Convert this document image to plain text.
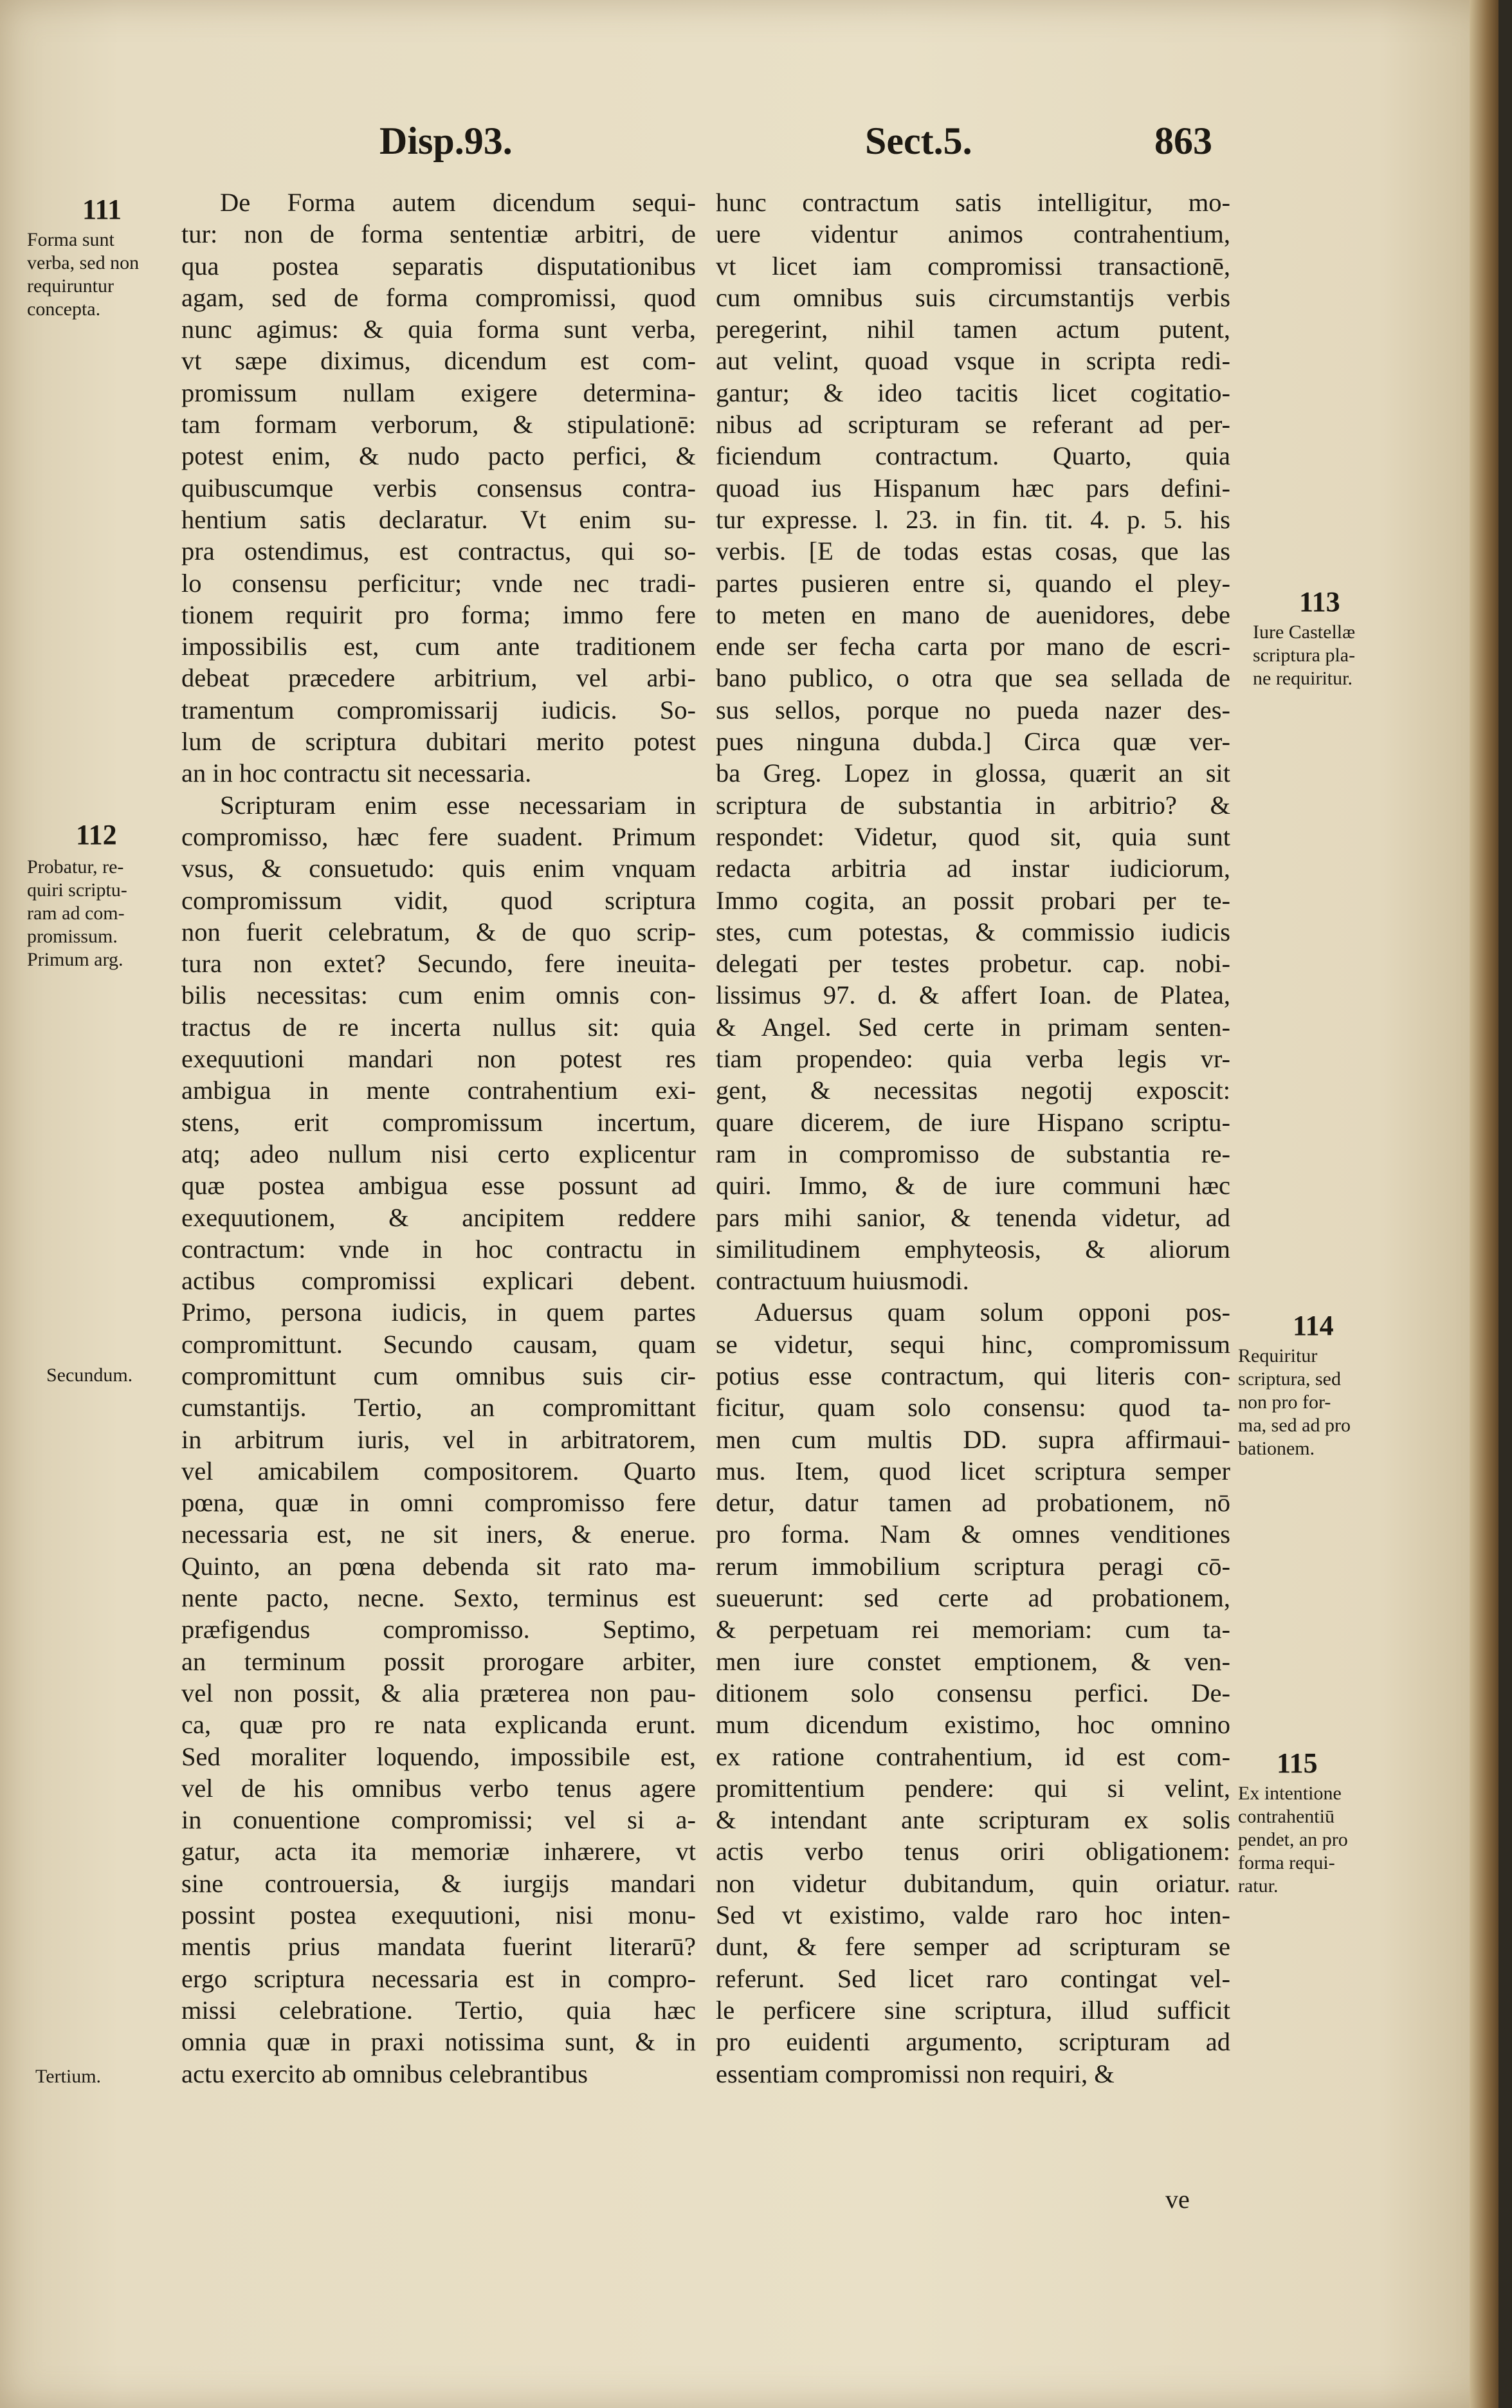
Disp.93.	Sect.5.	863
De Forma autem dicendum sequi-
tur: non de forma sententiæ arbitri, de
qua postea separatis disputationibus
agam, sed de forma compromissi, quod
nunc agimus: & quia forma sunt verba,
vt sæpe diximus, dicendum est com-
promissum nullam exigere determina-
tam formam verborum, & stipulationē:
potest enim, & nudo pacto perfici, &
quibuscumque verbis consensus contra-
hentium satis declaratur. Vt enim su-
pra ostendimus, est contractus, qui so-
lo consensu perficitur; vnde nec tradi-
tionem requirit pro forma; immo fere
impossibilis est, cum ante traditionem
debeat præcedere arbitrium, vel arbi-
tramentum compromissarij iudicis. So-
lum de scriptura dubitari merito potest
an in hoc contractu sit necessaria.
Scripturam enim esse necessariam in
compromisso, hæc fere suadent. Primum
vsus, & consuetudo: quis enim vnquam
compromissum vidit, quod scriptura
non fuerit celebratum, & de quo scrip-
tura non extet? Secundo, fere ineuita-
bilis necessitas: cum enim omnis con-
tractus de re incerta nullus sit: quia
exequutioni mandari non potest res
ambigua in mente contrahentium exi-
stens, erit compromissum incertum,
atq; adeo nullum nisi certo explicentur
quæ postea ambigua esse possunt ad
exequutionem, & ancipitem reddere
contractum: vnde in hoc contractu in
actibus compromissi explicari debent.
Primo, persona iudicis, in quem partes
compromittunt. Secundo causam, quam
compromittunt cum omnibus suis cir-
cumstantijs. Tertio, an compromittant
in arbitrum iuris, vel in arbitratorem,
vel amicabilem compositorem. Quarto
pœna, quæ in omni compromisso fere
necessaria est, ne sit iners, & eneruе.
Quinto, an pœna debenda sit rato ma-
nente pacto, necne. Sexto, terminus est
præfigendus compromisso. Septimo,
an terminum possit prorogare arbiter,
vel non possit, & alia præterea non pau-
ca, quæ pro re nata explicanda erunt.
Sed moraliter loquendo, impossibile est,
vel de his omnibus verbo tenus agere
in conuentione compromissi; vel si a-
gatur, acta ita memoriæ inhærere, vt
sine controuersia, & iurgijs mandari
possint postea exequutioni, nisi monu-
mentis prius mandata fuerint literarū?
ergo scriptura necessaria est in compro-
missi celebratione. Tertio, quia hæc
omnia quæ in praxi notissima sunt, & in
actu exercito ab omnibus celebrantibus
hunc contractum satis intelligitur, mo-
uere videntur animos contrahentium,
vt licet iam compromissi transactionē,
cum omnibus suis circumstantijs verbis
peregerint, nihil tamen actum putent,
aut velint, quoad vsque in scripta redi-
gantur; & ideo tacitis licet cogitatio-
nibus ad scripturam se referant ad per-
ficiendum contractum. Quarto, quia
quoad ius Hispanum hæc pars defini-
tur expresse. l. 23. in fin. tit. 4. p. 5. his
verbis. [E de todas estas cosas, que las
partes pusieren entre si, quando el pley-
to meten en mano de auenidores, debe
ende ser fecha carta por mano de escri-
bano publico, o otra que sea sellada de
sus sellos, porque no pueda nazer des-
pues ninguna dubda.] Circa quæ ver-
ba Greg. Lopez in glossa, quærit an sit
scriptura de substantia in arbitrio? &
respondet: Videtur, quod sit, quia sunt
redacta arbitria ad instar iudiciorum,
Immo cogita, an possit probari per te-
stes, cum potestas, & commissio iudicis
delegati per testes probetur. cap. nobi-
lissimus 97. d. & affert Ioan. de Platea,
& Angel. Sed certe in primam senten-
tiam propendeo: quia verba legis vr-
gent, & necessitas negotij exposcit:
quare dicerem, de iure Hispano scriptu-
ram in compromisso de substantia re-
quiri. Immo, & de iure communi hæc
pars mihi sanior, & tenenda videtur, ad
similitudinem emphyteosis, & aliorum
contractuum huiusmodi.
Aduersus quam solum opponi pos-
se videtur, sequi hinc, compromissum
potius esse contractum, qui literis con-
ficitur, quam solo consensu: quod ta-
men cum multis DD. supra affirmaui-
mus. Item, quod licet scriptura semper
detur, datur tamen ad probationem, nō
pro forma. Nam & omnes venditiones
rerum immobilium scriptura peragi cō-
sueuerunt: sed certe ad probationem,
& perpetuam rei memoriam: cum ta-
men iure constet emptionem, & ven-
ditionem solo consensu perfici. De-
mum dicendum existimo, hoc omnino
ex ratione contrahentium, id est com-
promittentium pendere: qui si velint,
& intendant ante scripturam ex solis
actis verbo tenus oriri obligationem:
non videtur dubitandum, quin oriatur.
Sed vt existimo, valde raro hoc inten-
dunt, & fere semper ad scripturam se
referunt. Sed licet raro contingat vel-
le perficere sine scriptura, illud sufficit
pro euidenti argumento, scripturam ad
essentiam compromissi non requiri, &
111
Forma sunt
verba, sed non
requiruntur
concepta.
112
Probatur, re-
quiri scriptu-
ram ad com-
promissum.
Primum arg.
Secundum.
Tertium.
113
Iure Castellæ
scriptura pla-
ne requiritur.
114
Requiritur
scriptura, sed
non pro for-
ma, sed ad pro
bationem.
115
Ex intentione
contrahentiū
pendet, an pro
forma requi-
ratur.
ve
